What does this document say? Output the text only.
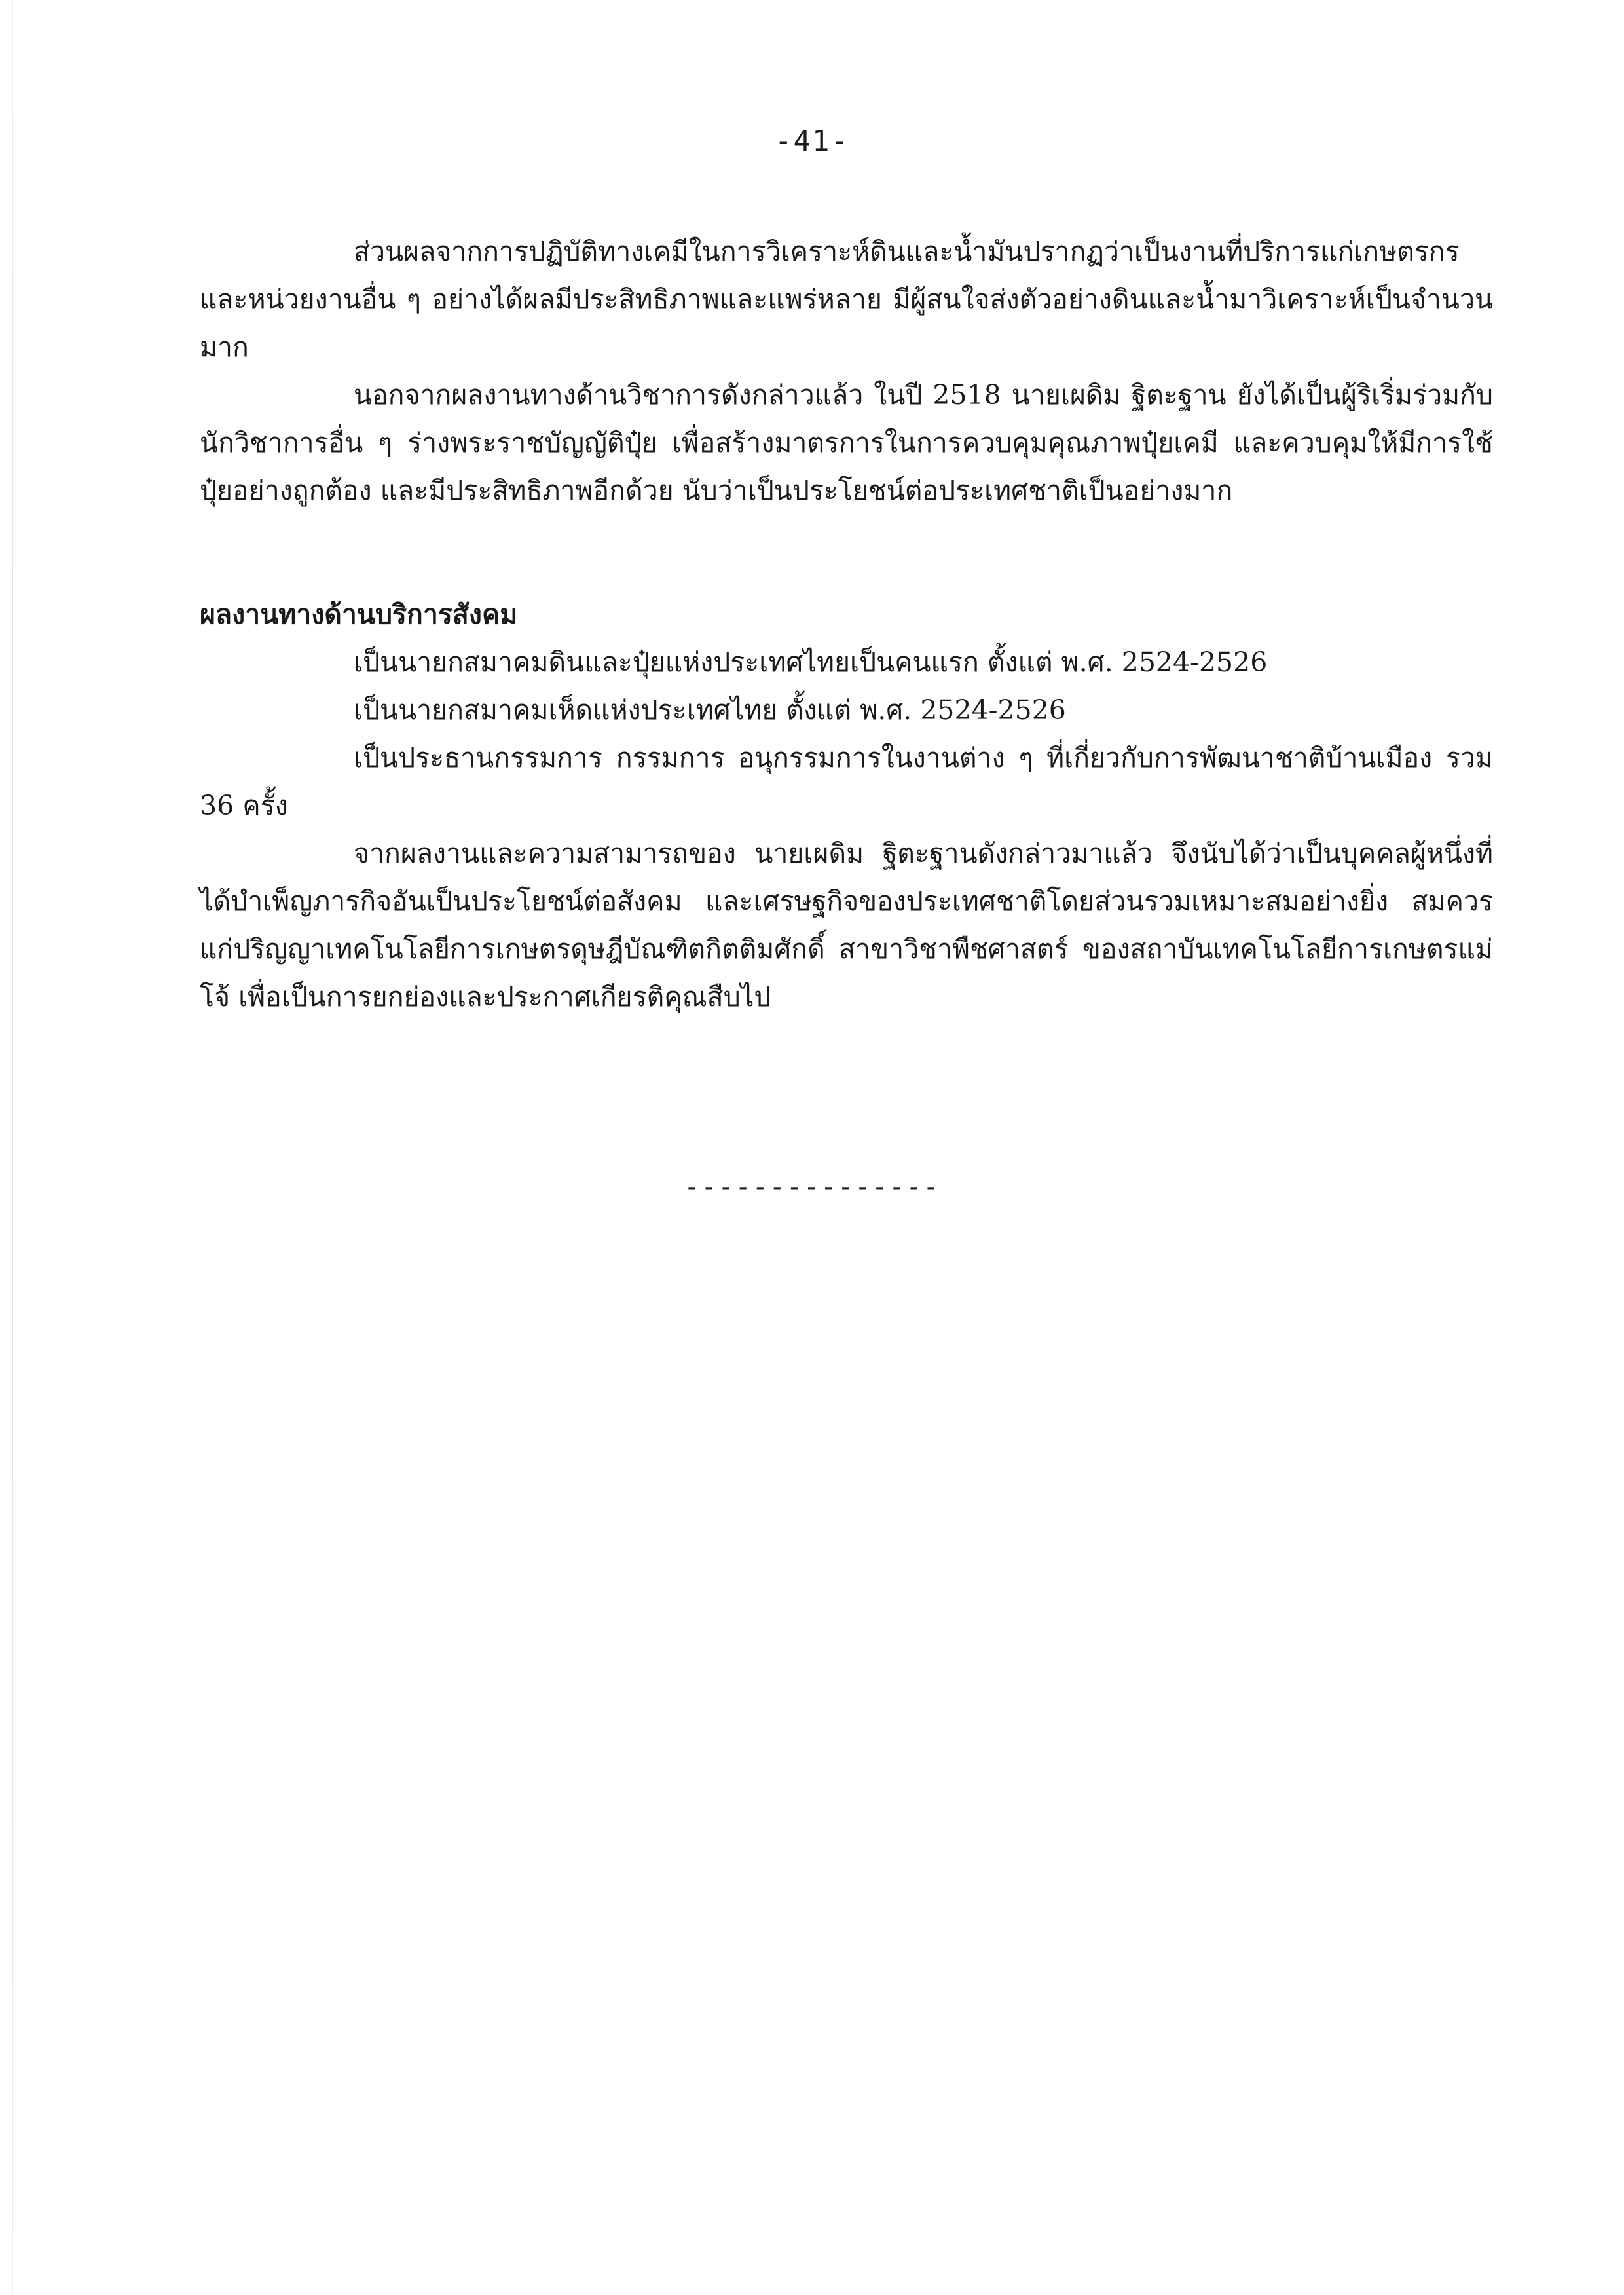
-41-

ส่วนผลจากการปฏิบัติทางเคมีในการวิเคราะห์ดินและน้ำมันปรากฏว่าเป็นงานที่ปริการแก่เกษตรกรและหน่วยงานอื่น ๆ อย่างได้ผลมีประสิทธิภาพและแพร่หลาย มีผู้สนใจส่งตัวอย่างดินและน้ำมาวิเคราะห์เป็นจำนวนมาก

นอกจากผลงานทางด้านวิชาการดังกล่าวแล้ว ในปี 2518 นายเผดิม ฐิตะฐาน ยังได้เป็นผู้ริเริ่มร่วมกับนักวิชาการอื่น ๆ ร่างพระราชบัญญัติปุ๋ย เพื่อสร้างมาตรการในการควบคุมคุณภาพปุ๋ยเคมี และควบคุมให้มีการใช้ปุ๋ยอย่างถูกต้อง และมีประสิทธิภาพอีกด้วย นับว่าเป็นประโยชน์ต่อประเทศชาติเป็นอย่างมาก

ผลงานทางด้านบริการสังคม

เป็นนายกสมาคมดินและปุ๋ยแห่งประเทศไทยเป็นคนแรก ตั้งแต่ พ.ศ. 2524-2526

เป็นนายกสมาคมเห็ดแห่งประเทศไทย ตั้งแต่ พ.ศ. 2524-2526

เป็นประธานกรรมการ กรรมการ อนุกรรมการในงานต่าง ๆ ที่เกี่ยวกับการพัฒนาชาติบ้านเมือง รวม 36 ครั้ง

จากผลงานและความสามารถของ นายเผดิม ฐิตะฐานดังกล่าวมาแล้ว จึงนับได้ว่าเป็นบุคคลผู้หนึ่งที่ได้บำเพ็ญภารกิจอันเป็นประโยชน์ต่อสังคม และเศรษฐกิจของประเทศชาติโดยส่วนรวมเหมาะสมอย่างยิ่ง สมควรแก่ปริญญาเทคโนโลยีการเกษตรดุษฎีบัณฑิตกิตติมศักดิ์ สาขาวิชาพืชศาสตร์ ของสถาบันเทคโนโลยีการเกษตรแม่โจ้ เพื่อเป็นการยกย่องและประกาศเกียรติคุณสืบไป

---------------
